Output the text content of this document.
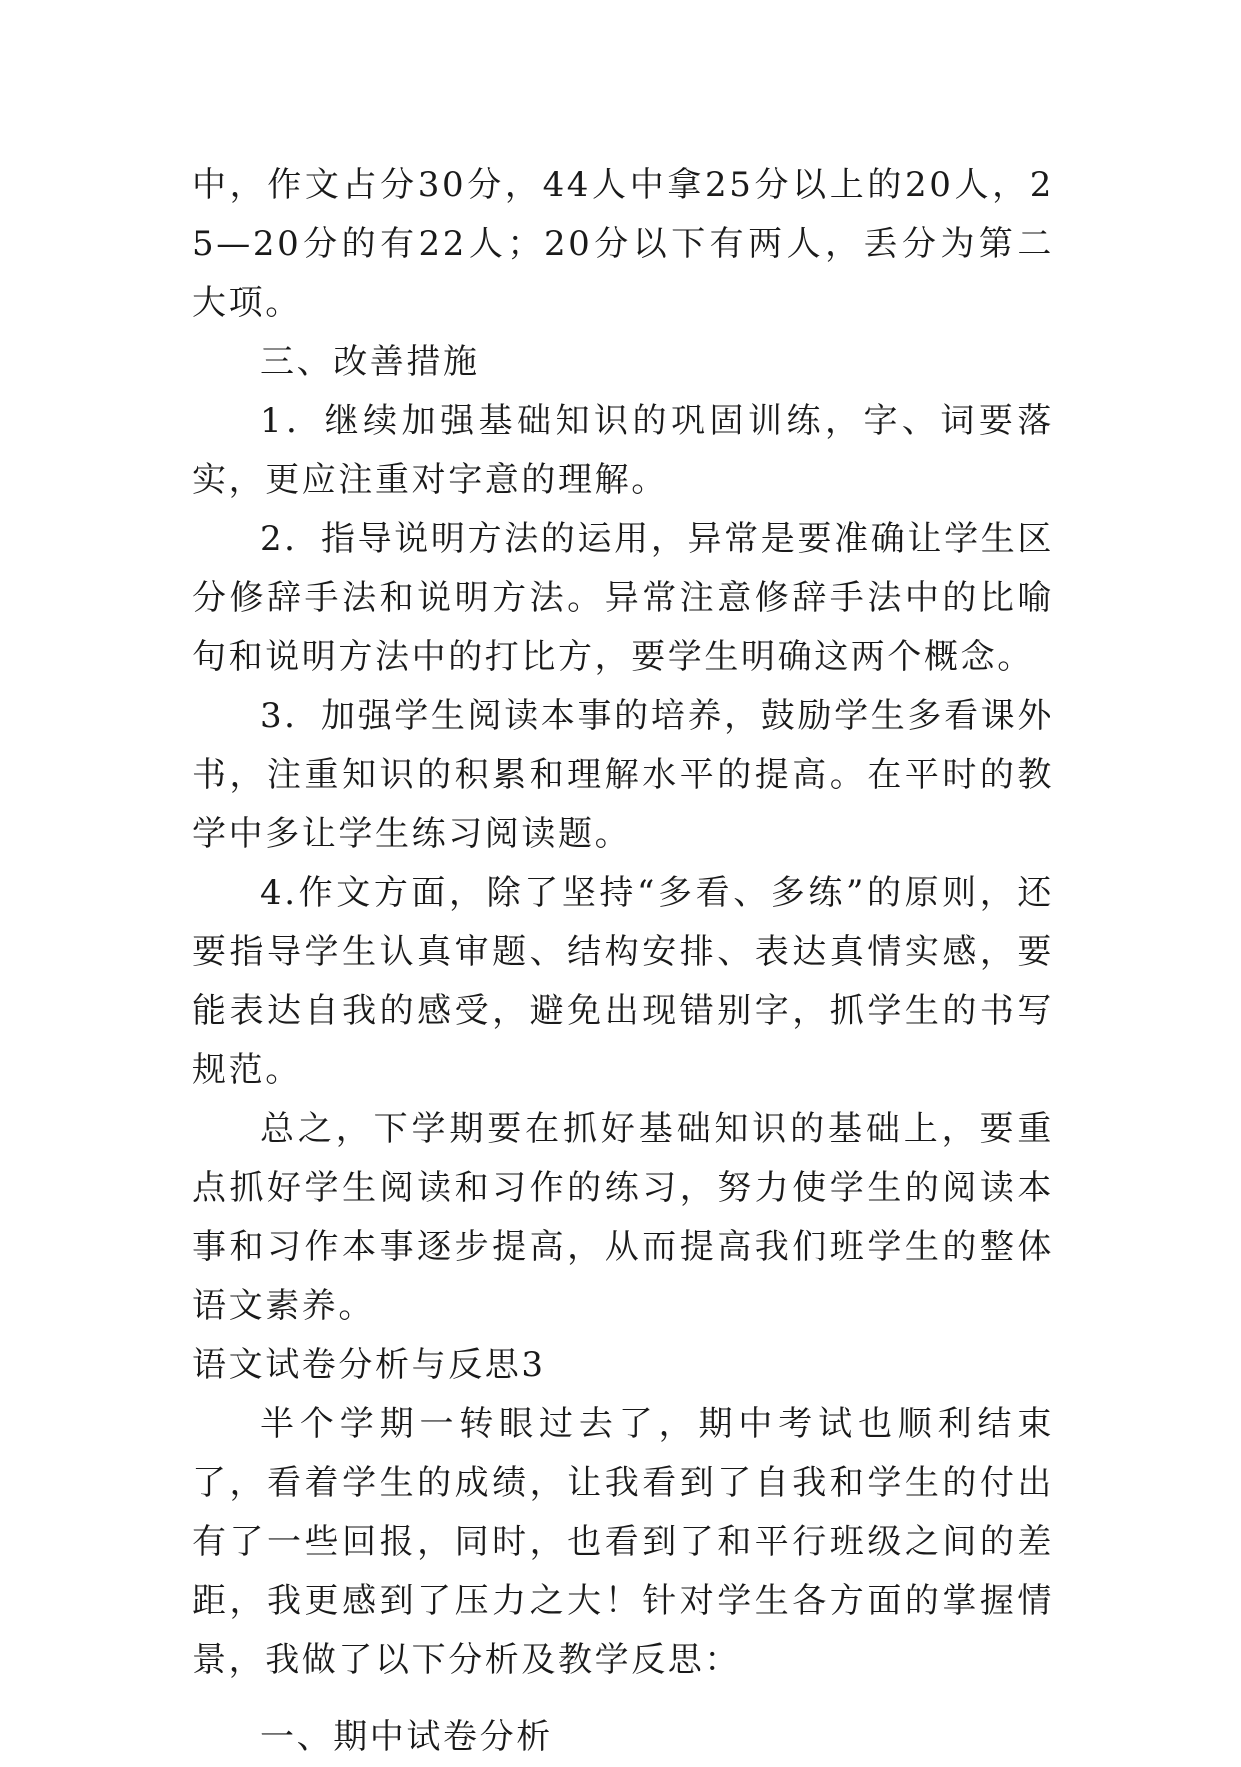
中，作文占分30分，44人中拿25分以上的20人，25—20分的有22人；20分以下有两人，丢分为第二大项。

三、改善措施

1．继续加强基础知识的巩固训练，字、词要落实，更应注重对字意的理解。

2．指导说明方法的运用，异常是要准确让学生区分修辞手法和说明方法。异常注意修辞手法中的比喻句和说明方法中的打比方，要学生明确这两个概念。

3．加强学生阅读本事的培养，鼓励学生多看课外书，注重知识的积累和理解水平的提高。在平时的教学中多让学生练习阅读题。

4.作文方面，除了坚持“多看、多练”的原则，还要指导学生认真审题、结构安排、表达真情实感，要能表达自我的感受，避免出现错别字，抓学生的书写规范。

总之，下学期要在抓好基础知识的基础上，要重点抓好学生阅读和习作的练习，努力使学生的阅读本事和习作本事逐步提高，从而提高我们班学生的整体语文素养。

语文试卷分析与反思3

半个学期一转眼过去了，期中考试也顺利结束了，看着学生的成绩，让我看到了自我和学生的付出有了一些回报，同时，也看到了和平行班级之间的差距，我更感到了压力之大！针对学生各方面的掌握情景，我做了以下分析及教学反思：

一、期中试卷分析
